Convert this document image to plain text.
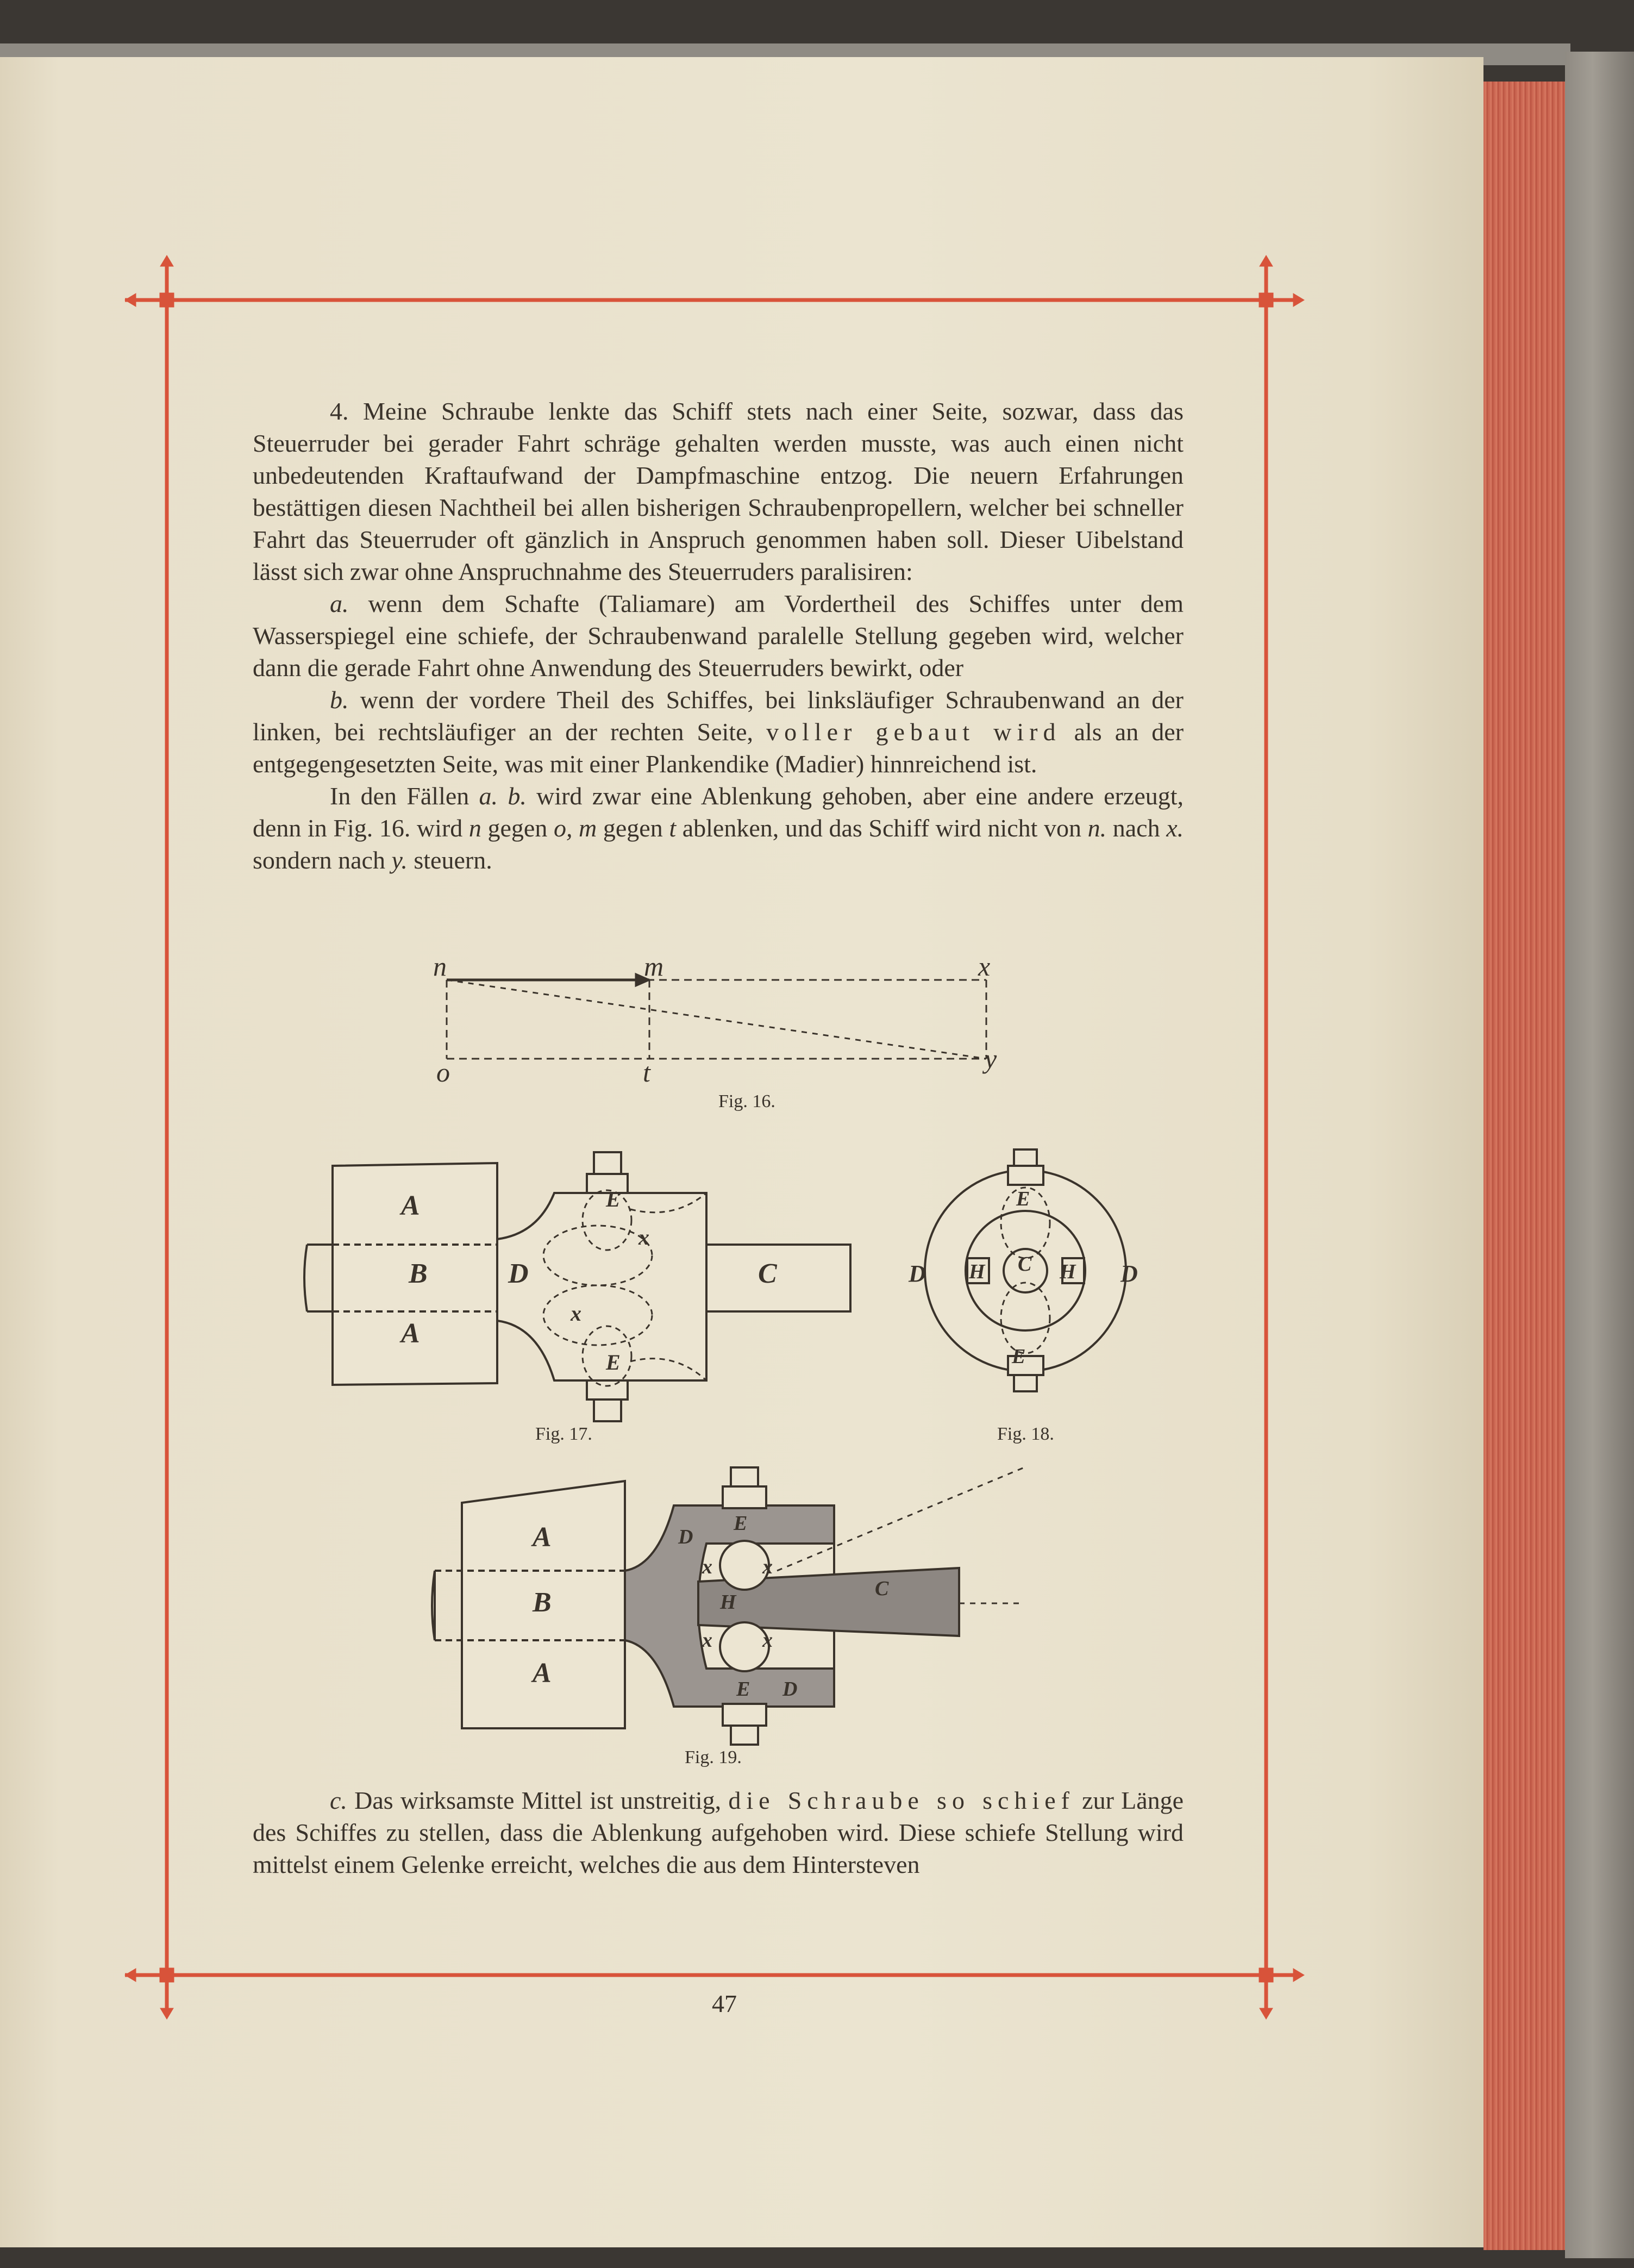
4. Meine Schraube lenkte das Schiff stets nach einer Seite, sozwar, dass das Steuerruder bei gerader Fahrt schräge gehalten werden musste, was auch einen nicht unbedeutenden Kraftaufwand der Dampfmaschine entzog. Die neuern Erfahrungen bestättigen diesen Nachtheil bei allen bisherigen Schraubenpropellern, welcher bei schneller Fahrt das Steuerruder oft gänzlich in Anspruch genommen haben soll. Dieser Uibelstand lässt sich zwar ohne Anspruchnahme des Steuerruders paralisiren:

a. wenn dem Schafte (Taliamare) am Vordertheil des Schiffes unter dem Wasserspiegel eine schiefe, der Schraubenwand paralelle Stellung gegeben wird, welcher dann die gerade Fahrt ohne Anwendung des Steuerruders bewirkt, oder

b. wenn der vordere Theil des Schiffes, bei linksläufiger Schraubenwand an der linken, bei rechtsläufiger an der rechten Seite, voller gebaut wird als an der entgegengesetzten Seite, was mit einer Plankendike (Madier) hinnreichend ist.

In den Fällen a. b. wird zwar eine Ablenkung gehoben, aber eine andere erzeugt, denn in Fig. 16. wird n gegen o, m gegen t ablenken, und das Schiff wird nicht von n. nach x. sondern nach y. steuern.

n	m	x
o	t	y
A
B
A
D	C
E
E
x
x
D	D
E
E
H	H
C
A
B
A
D
D
E
E
x x
x x
H
C
Fig. 16.
Fig. 17.	Fig. 18.
Fig. 19.

c. Das wirksamste Mittel ist unstreitig, die Schraube so schief zur Länge des Schiffes zu stellen, dass die Ablenkung aufgehoben wird. Diese schiefe Stellung wird mittelst einem Gelenke erreicht, welches die aus dem Hintersteven

47
